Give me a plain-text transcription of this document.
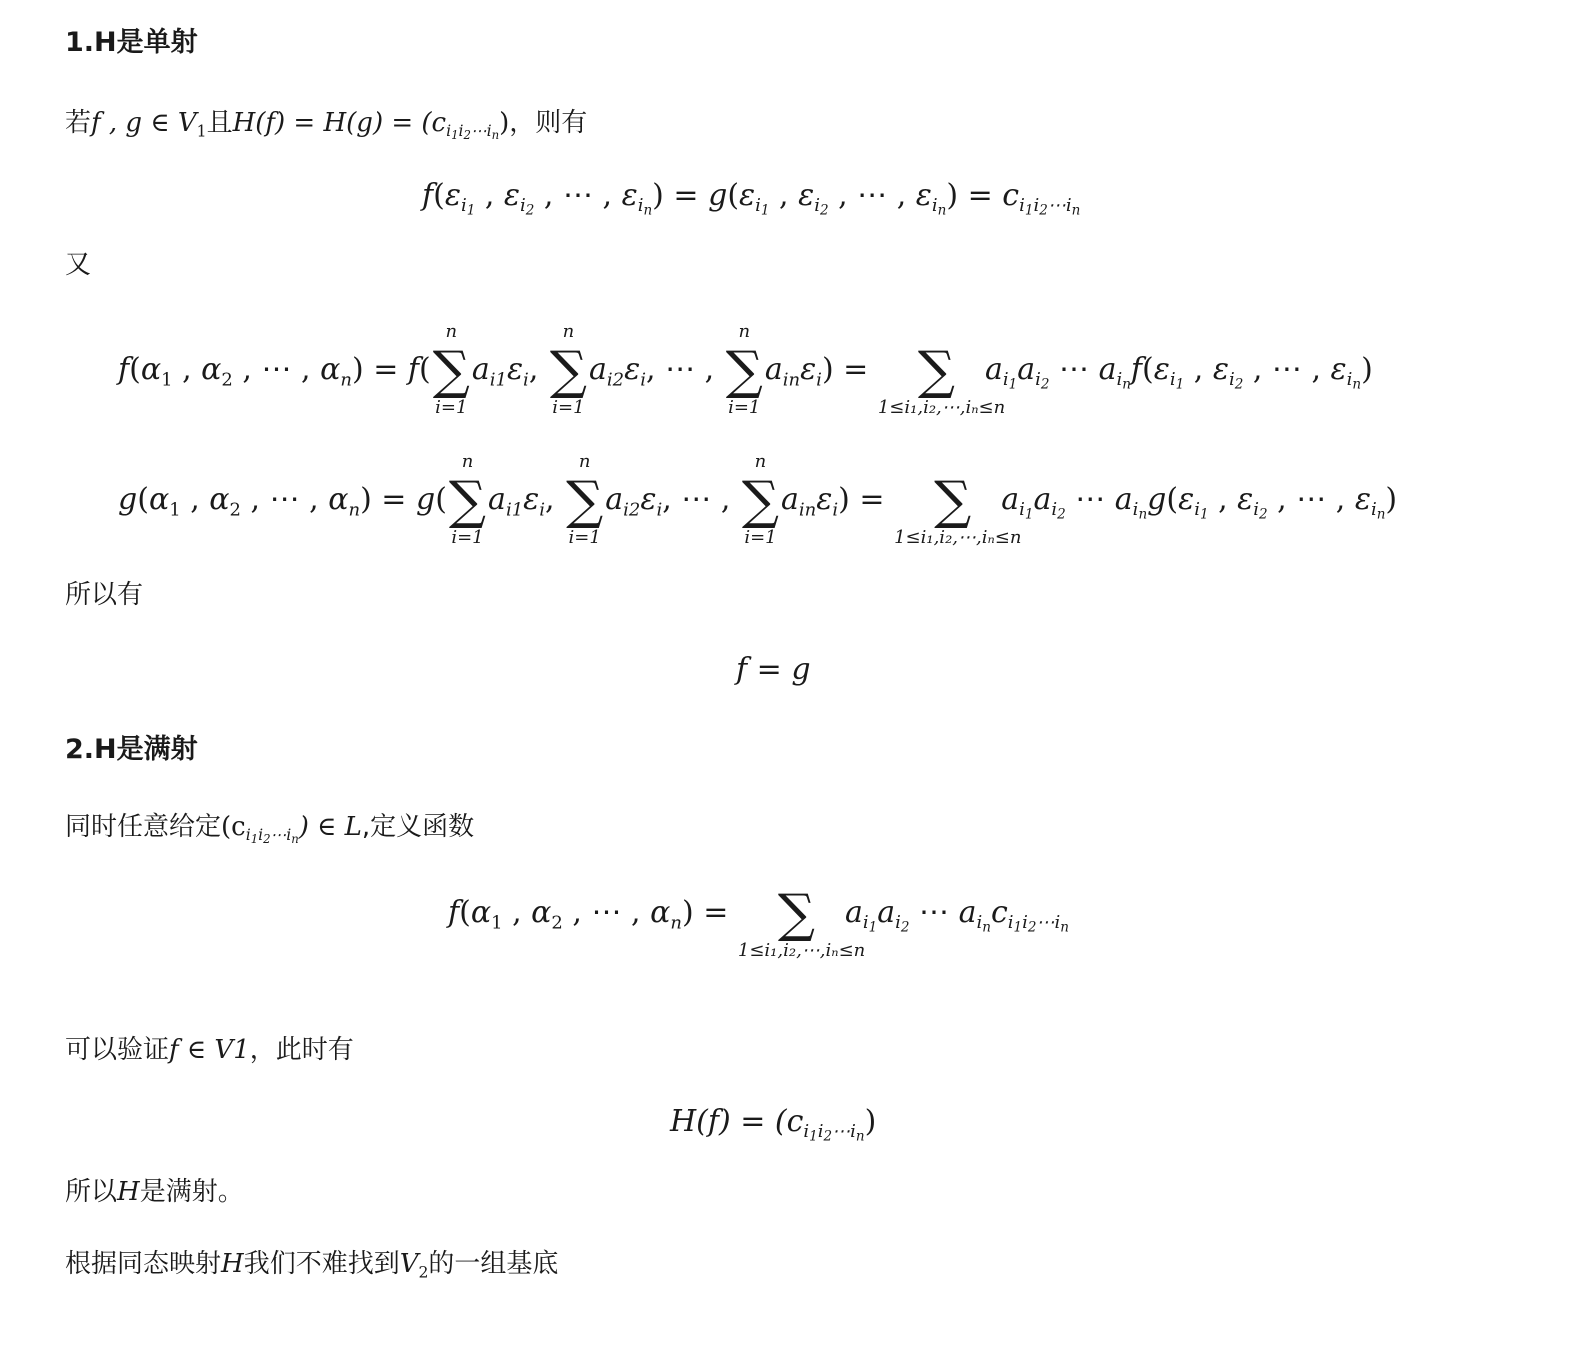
1.H是单射
若f , g ∈ $V_1$且$H(f) = H(g) = (c_{i_1i_2\cdots i_n})$，则有
$f(\varepsilon_{i_1}$ , $\varepsilon_{i_2}$ , ⋯ , $\varepsilon_{i_n}) = g(\varepsilon_{i_1}$ , $\varepsilon_{i_2}$ , ⋯ , $\varepsilon_{i_n}) = c_{i_1i_2\cdots i_n}$
又
$f(\alpha_1$ , $\alpha_2$ , ⋯ , $\alpha_n) = f$(
n
∑
i=1
$a_{i1}\varepsilon_i$,
n
∑
i=1
$a_{i2}\varepsilon_i$, ⋯ ,
n
∑
i=1
$a_{in}\varepsilon_i$) = ∑
1≤i₁,i₂,⋯,iₙ≤n
$a_{i_1}a_{i_2}$ ⋯ $a_{i_n}f(\varepsilon_{i_1}$ , $\varepsilon_{i_2}$ , ⋯ , $\varepsilon_{i_n}$)
$g(\alpha_1$ , $\alpha_2$ , ⋯ , $\alpha_n) = g$(
n
∑
i=1
$a_{i1}\varepsilon_i$,
n
∑
i=1
$a_{i2}\varepsilon_i$, ⋯ ,
n
∑
i=1
$a_{in}\varepsilon_i$) = ∑
1≤i₁,i₂,⋯,iₙ≤n
$a_{i_1}a_{i_2}$ ⋯ $a_{i_n}g(\varepsilon_{i_1}$ , $\varepsilon_{i_2}$ , ⋯ , $\varepsilon_{i_n}$)
所以有
f = g
2.H是满射
同时任意给定$(c_{i_1i_2\cdots i_n})$ ∈ L,定义函数
$f(\alpha_1$ , $\alpha_2$ , ⋯ , $\alpha_n$) = ∑
1≤i₁,i₂,⋯,iₙ≤n
$a_{i_1}a_{i_2}$ ⋯ $a_{i_n}c_{i_1i_2\cdots i_n}$
可以验证f ∈ V1，此时有
$H(f) = (c_{i_1i_2\cdots i_n})$
所以H是满射。
根据同态映射H我们不难找到$V_2$的一组基底
